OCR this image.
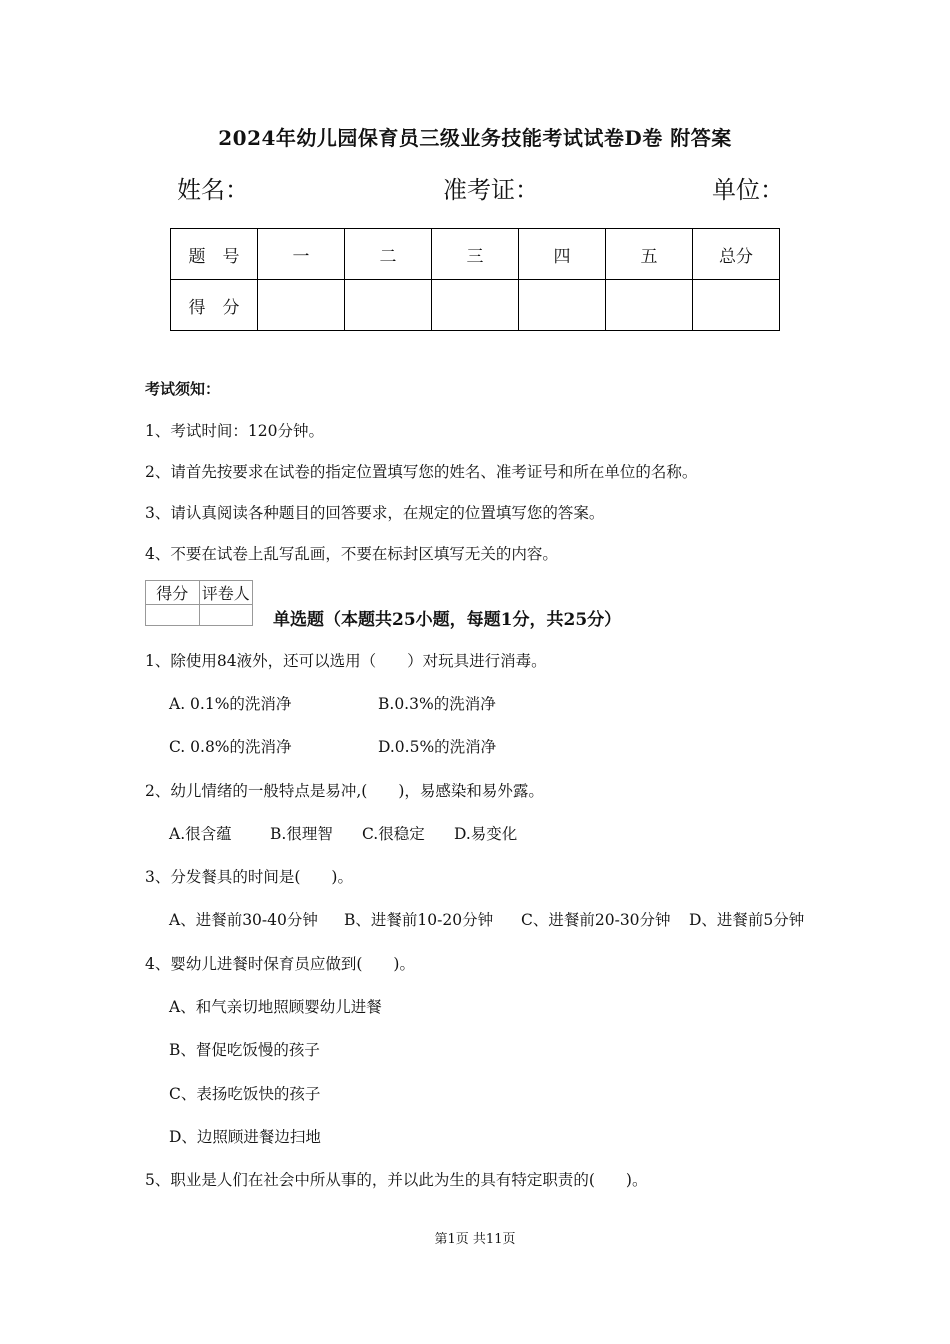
2024年幼儿园保育员三级业务技能考试试卷D卷 附答案
姓名：	准考证：	单位：
题　号	一	二	三	四	五	总分
得　分						
考试须知：
1、考试时间：120分钟。
2、请首先按要求在试卷的指定位置填写您的姓名、准考证号和所在单位的名称。
3、请认真阅读各种题目的回答要求，在规定的位置填写您的答案。
4、不要在试卷上乱写乱画，不要在标封区填写无关的内容。
得分	评卷人

单选题（本题共25小题，每题1分，共25分）
1、除使用84液外，还可以选用（　　）对玩具进行消毒。
A. 0.1%的洗消净	B.0.3%的洗消净
C. 0.8%的洗消净	D.0.5%的洗消净
2、幼儿情绪的一般特点是易冲,(　　)，易感染和易外露。
A.很含蕴 B.很理智 C.很稳定 D.易变化
3、分发餐具的时间是(　　)。
A、进餐前30-40分钟 B、进餐前10-20分钟 C、进餐前20-30分钟 D、进餐前5分钟
4、婴幼儿进餐时保育员应做到(　　)。
A、和气亲切地照顾婴幼儿进餐
B、督促吃饭慢的孩子
C、表扬吃饭快的孩子
D、边照顾进餐边扫地
5、职业是人们在社会中所从事的，并以此为生的具有特定职责的(　　)。
第1页 共11页
